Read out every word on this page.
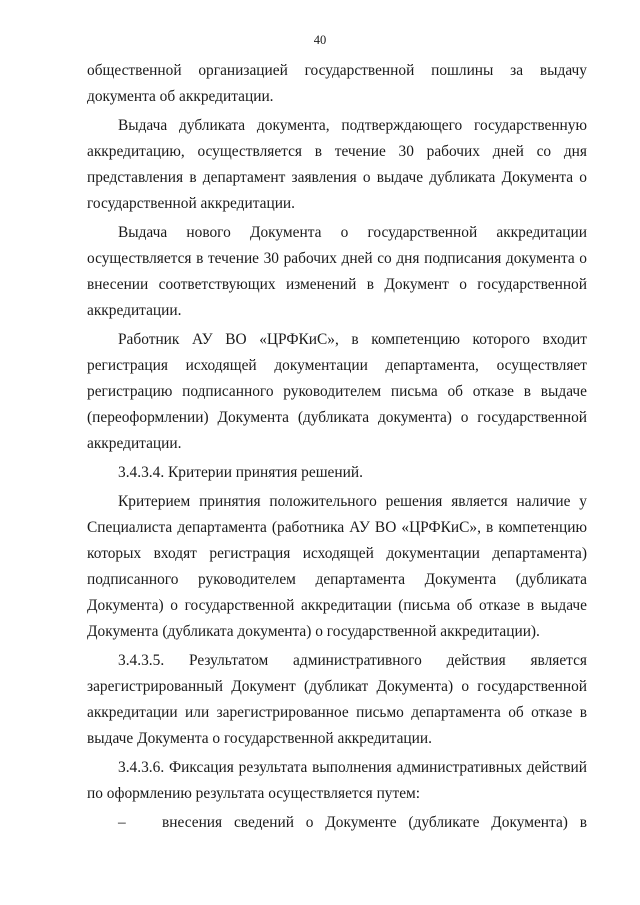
40

общественной организацией государственной пошлины за выдачу документа об аккредитации.

Выдача дубликата документа, подтверждающего государственную аккредитацию, осуществляется в течение 30 рабочих дней со дня представления в департамент заявления о выдаче дубликата Документа о государственной аккредитации.

Выдача нового Документа о государственной аккредитации осуществляется в течение 30 рабочих дней со дня подписания документа о внесении соответствующих изменений в Документ о государственной аккредитации.

Работник АУ ВО «ЦРФКиС», в компетенцию которого входит регистрация исходящей документации департамента, осуществляет регистрацию подписанного руководителем письма об отказе в выдаче (переоформлении) Документа (дубликата документа) о государственной аккредитации.

3.4.3.4. Критерии принятия решений.

Критерием принятия положительного решения является наличие у Специалиста департамента (работника АУ ВО «ЦРФКиС», в компетенцию которых входят регистрация исходящей документации департамента) подписанного руководителем департамента Документа (дубликата Документа) о государственной аккредитации (письма об отказе в выдаче Документа (дубликата документа) о государственной аккредитации).

3.4.3.5. Результатом административного действия является зарегистрированный Документ (дубликат Документа) о государственной аккредитации или зарегистрированное письмо департамента об отказе в выдаче Документа о государственной аккредитации.

3.4.3.6. Фиксация результата выполнения административных действий по оформлению результата осуществляется путем:

– внесения сведений о Документе (дубликате Документа) в
